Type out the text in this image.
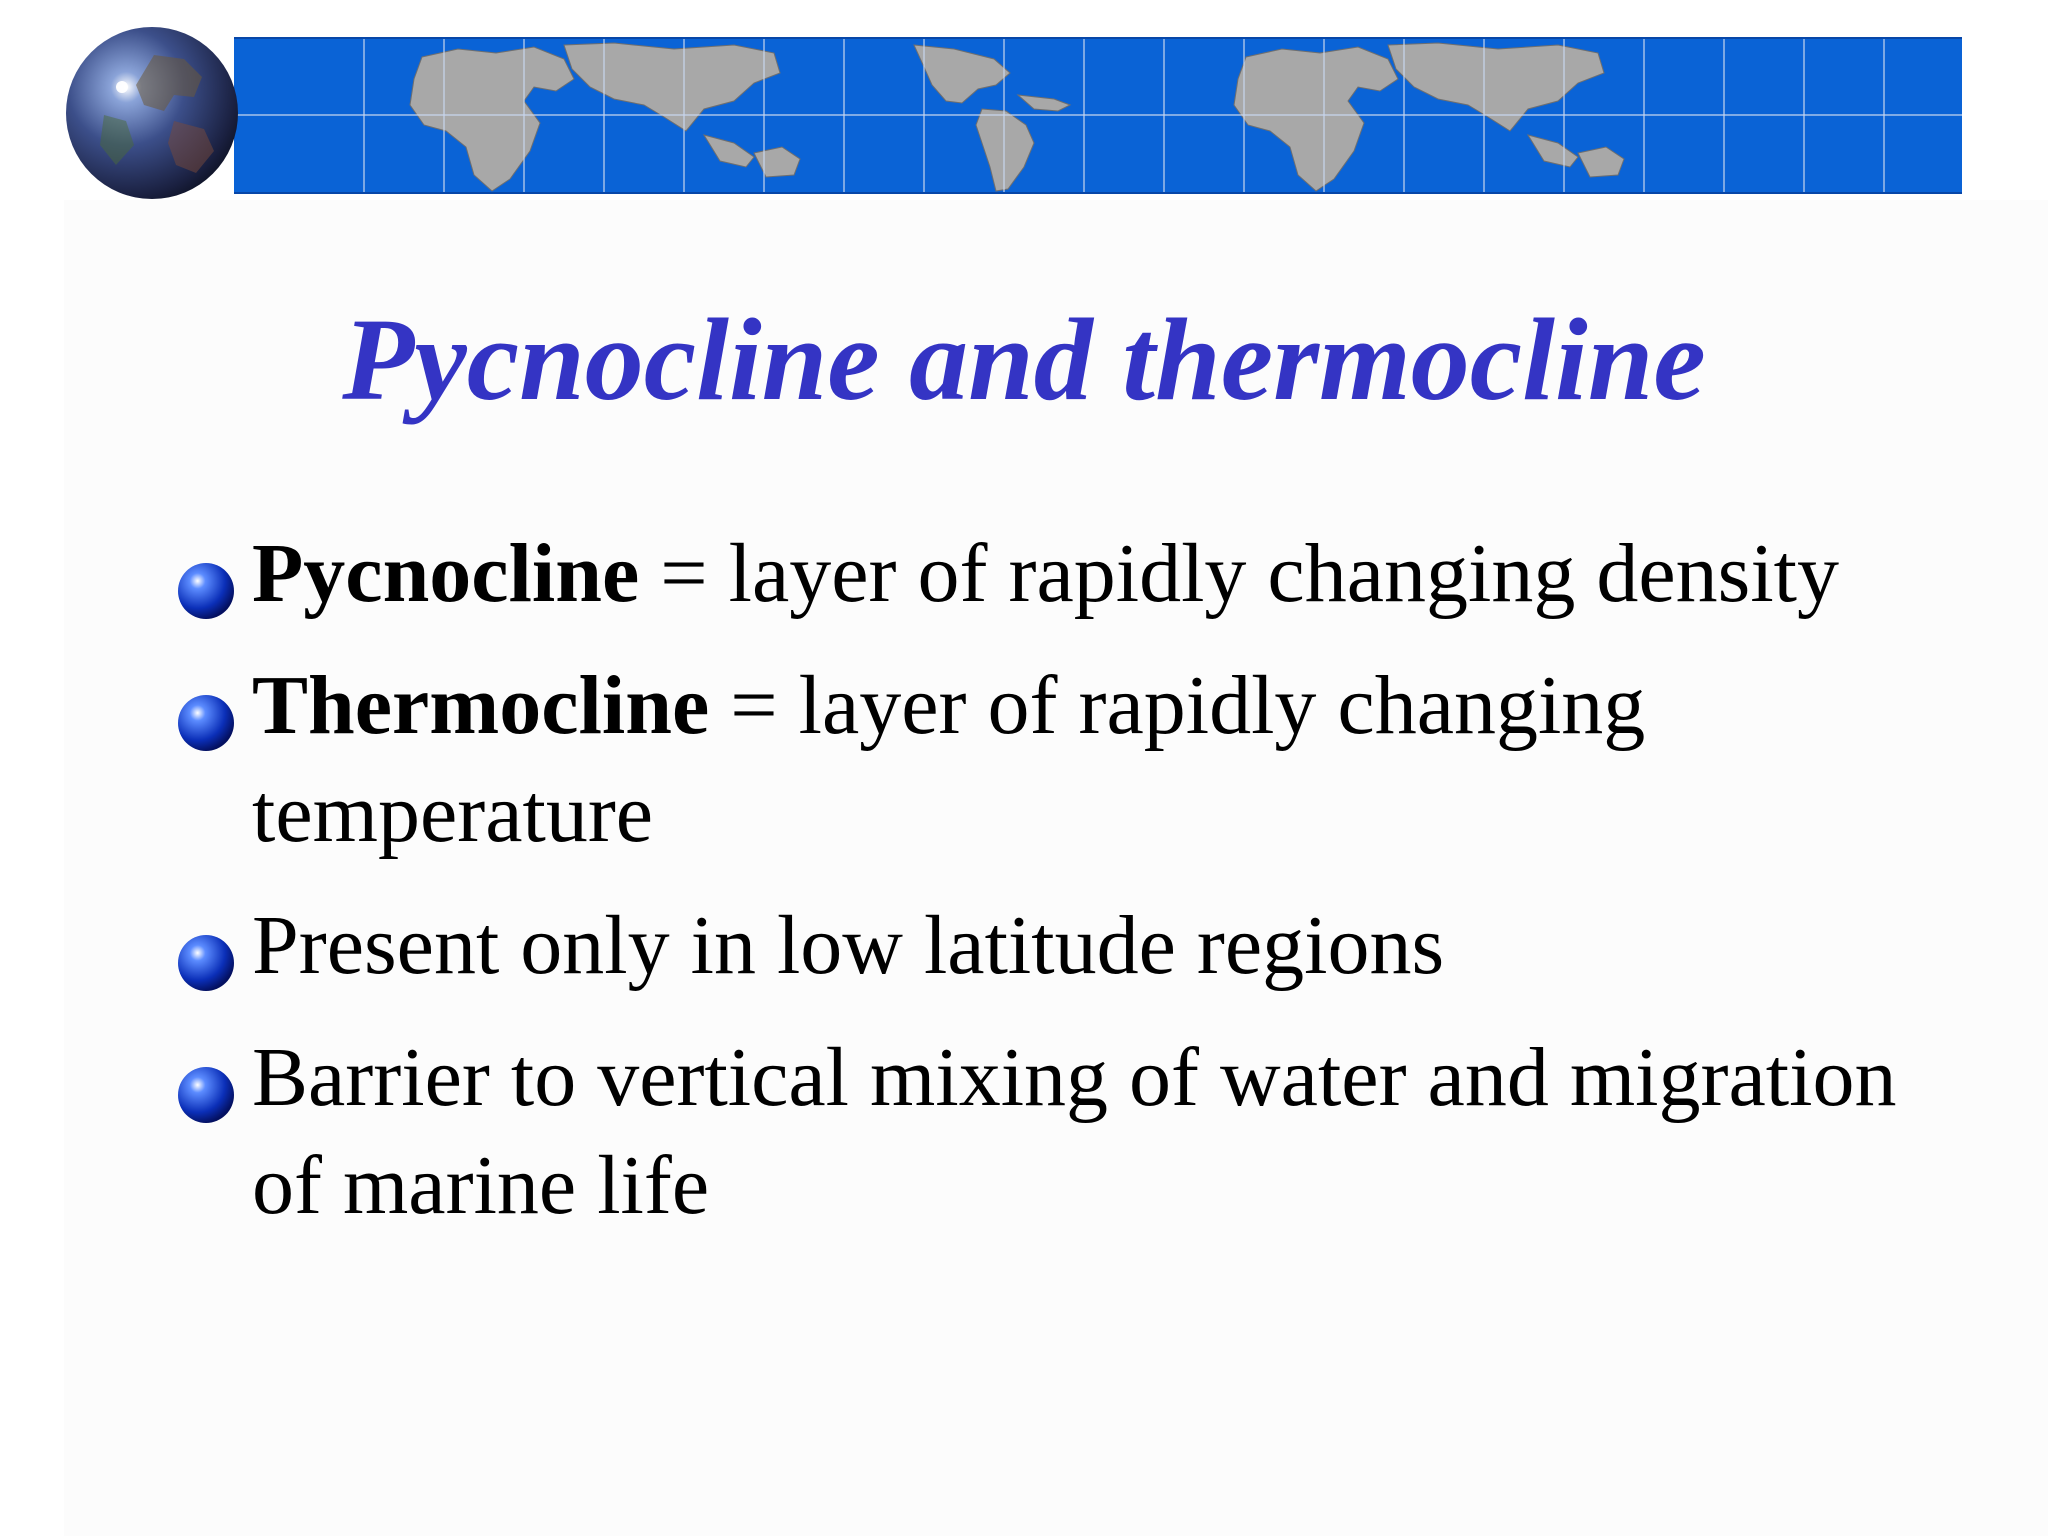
Pycnocline and thermocline
Pycnocline = layer of rapidly changing density
Thermocline = layer of rapidly changing temperature
Present only in low latitude regions
Barrier to vertical mixing of water and migration of marine life
